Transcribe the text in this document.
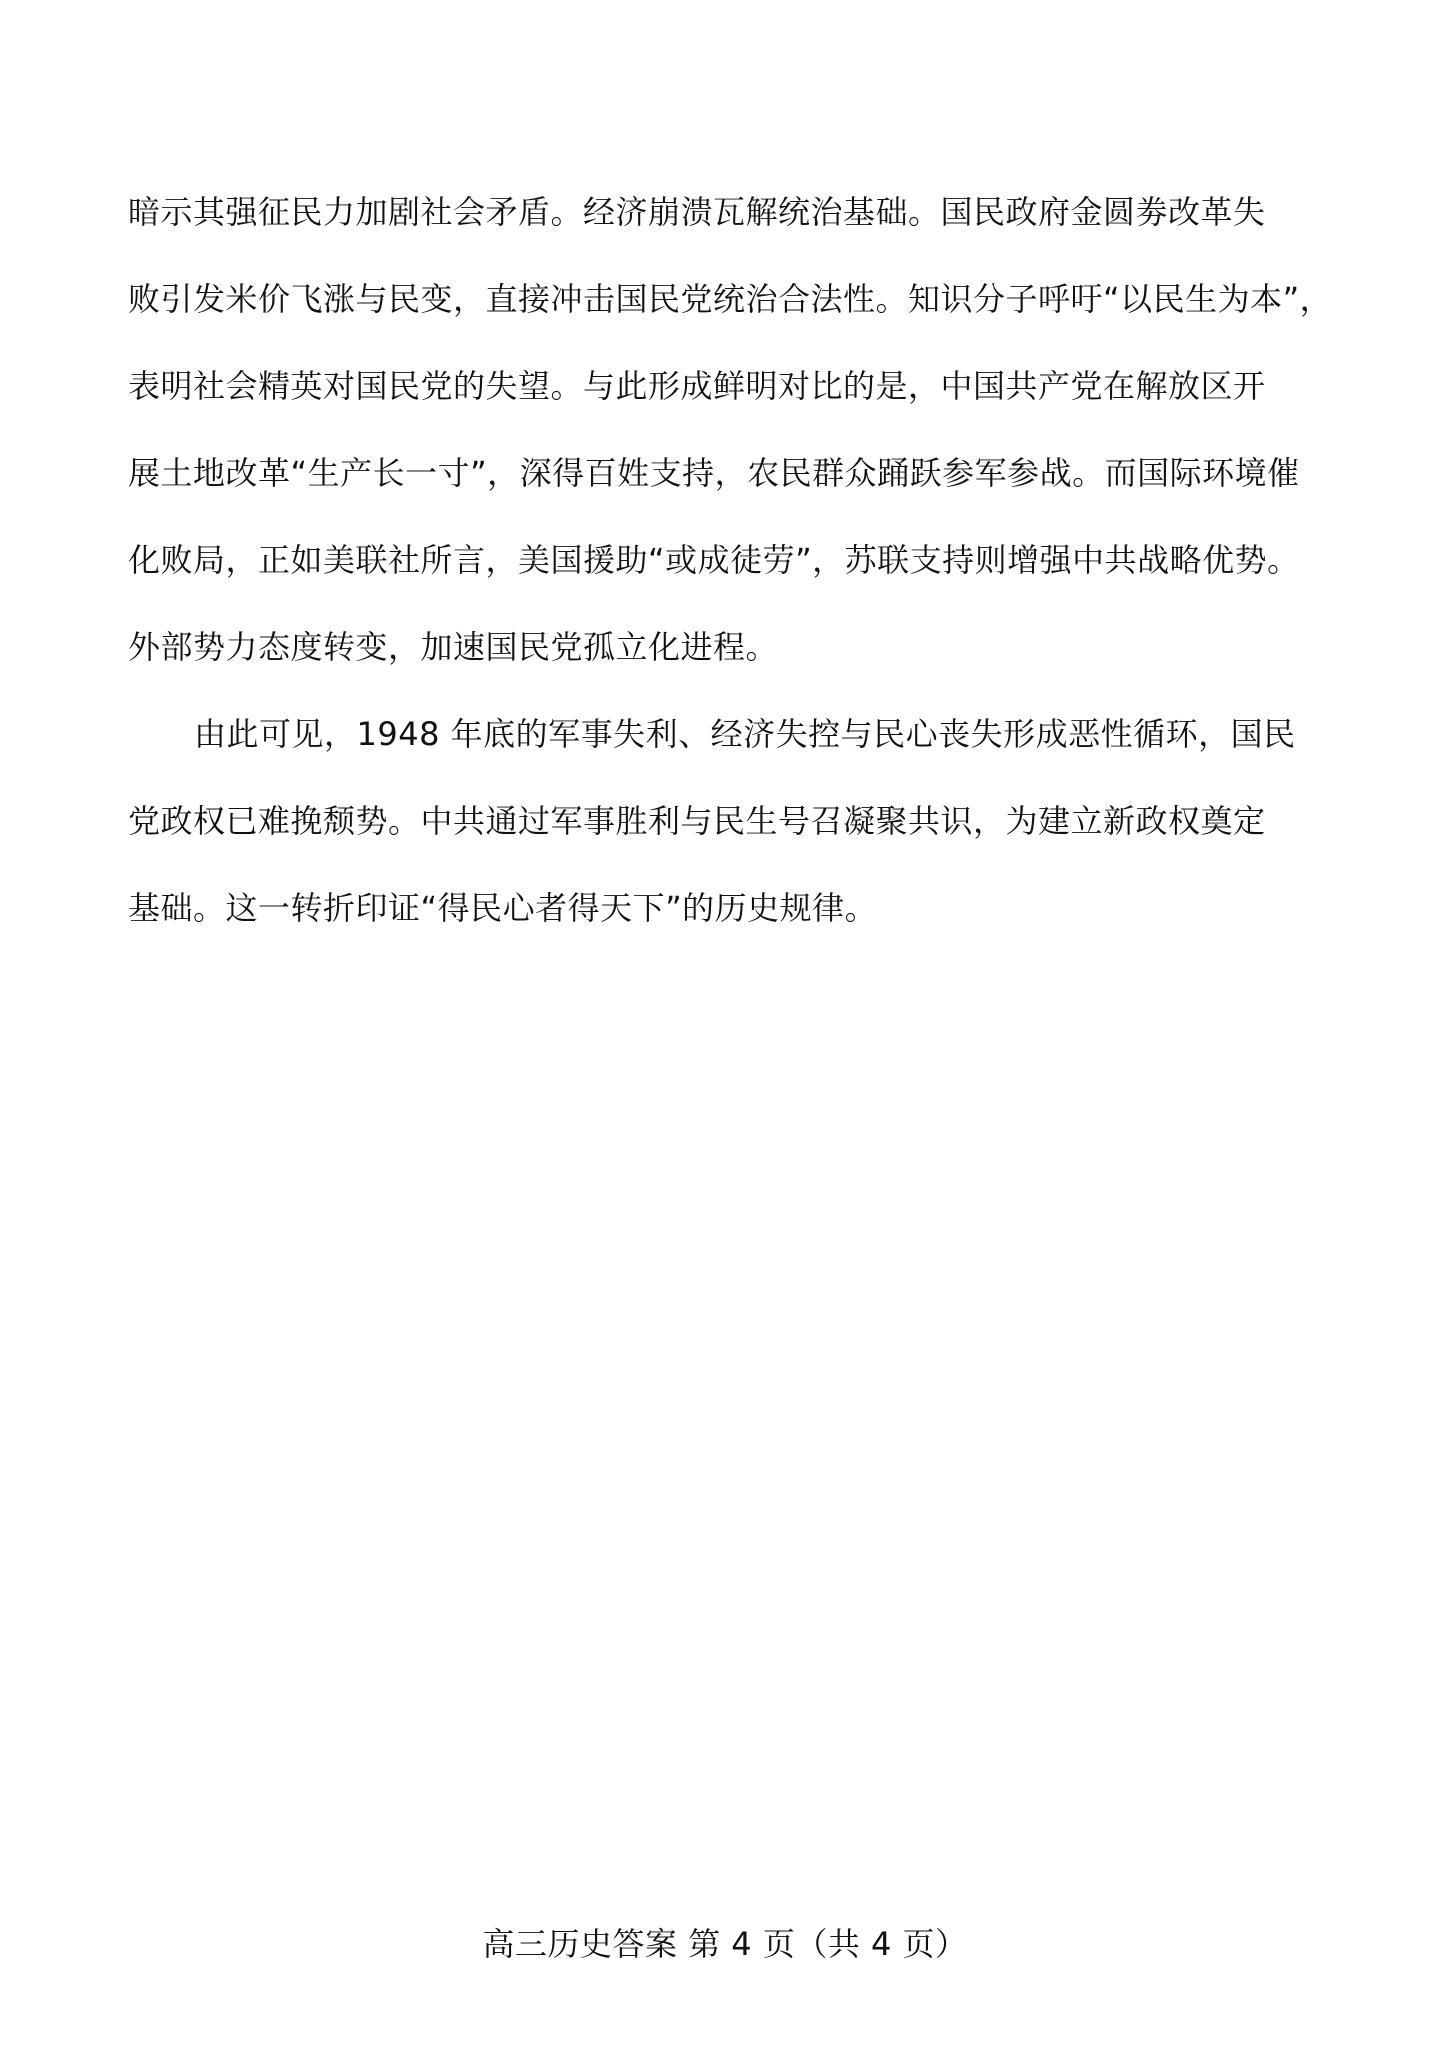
暗示其强征民力加剧社会矛盾。经济崩溃瓦解统治基础。国民政府金圆劵改革失
败引发米价飞涨与民变，直接冲击国民党统治合法性。知识分子呼吁“以民生为本”，
表明社会精英对国民党的失望。与此形成鲜明对比的是，中国共产党在解放区开
展土地改革“生产长一寸”，深得百姓支持，农民群众踊跃参军参战。而国际环境催
化败局，正如美联社所言，美国援助“或成徒劳”，苏联支持则增强中共战略优势。
外部势力态度转变，加速国民党孤立化进程。
由此可见，1948 年底的军事失利、经济失控与民心丧失形成恶性循环，国民
党政权已难挽颓势。中共通过军事胜利与民生号召凝聚共识，为建立新政权奠定
基础。这一转折印证“得民心者得天下”的历史规律。
高三历史答案 第 4 页（共 4 页）
